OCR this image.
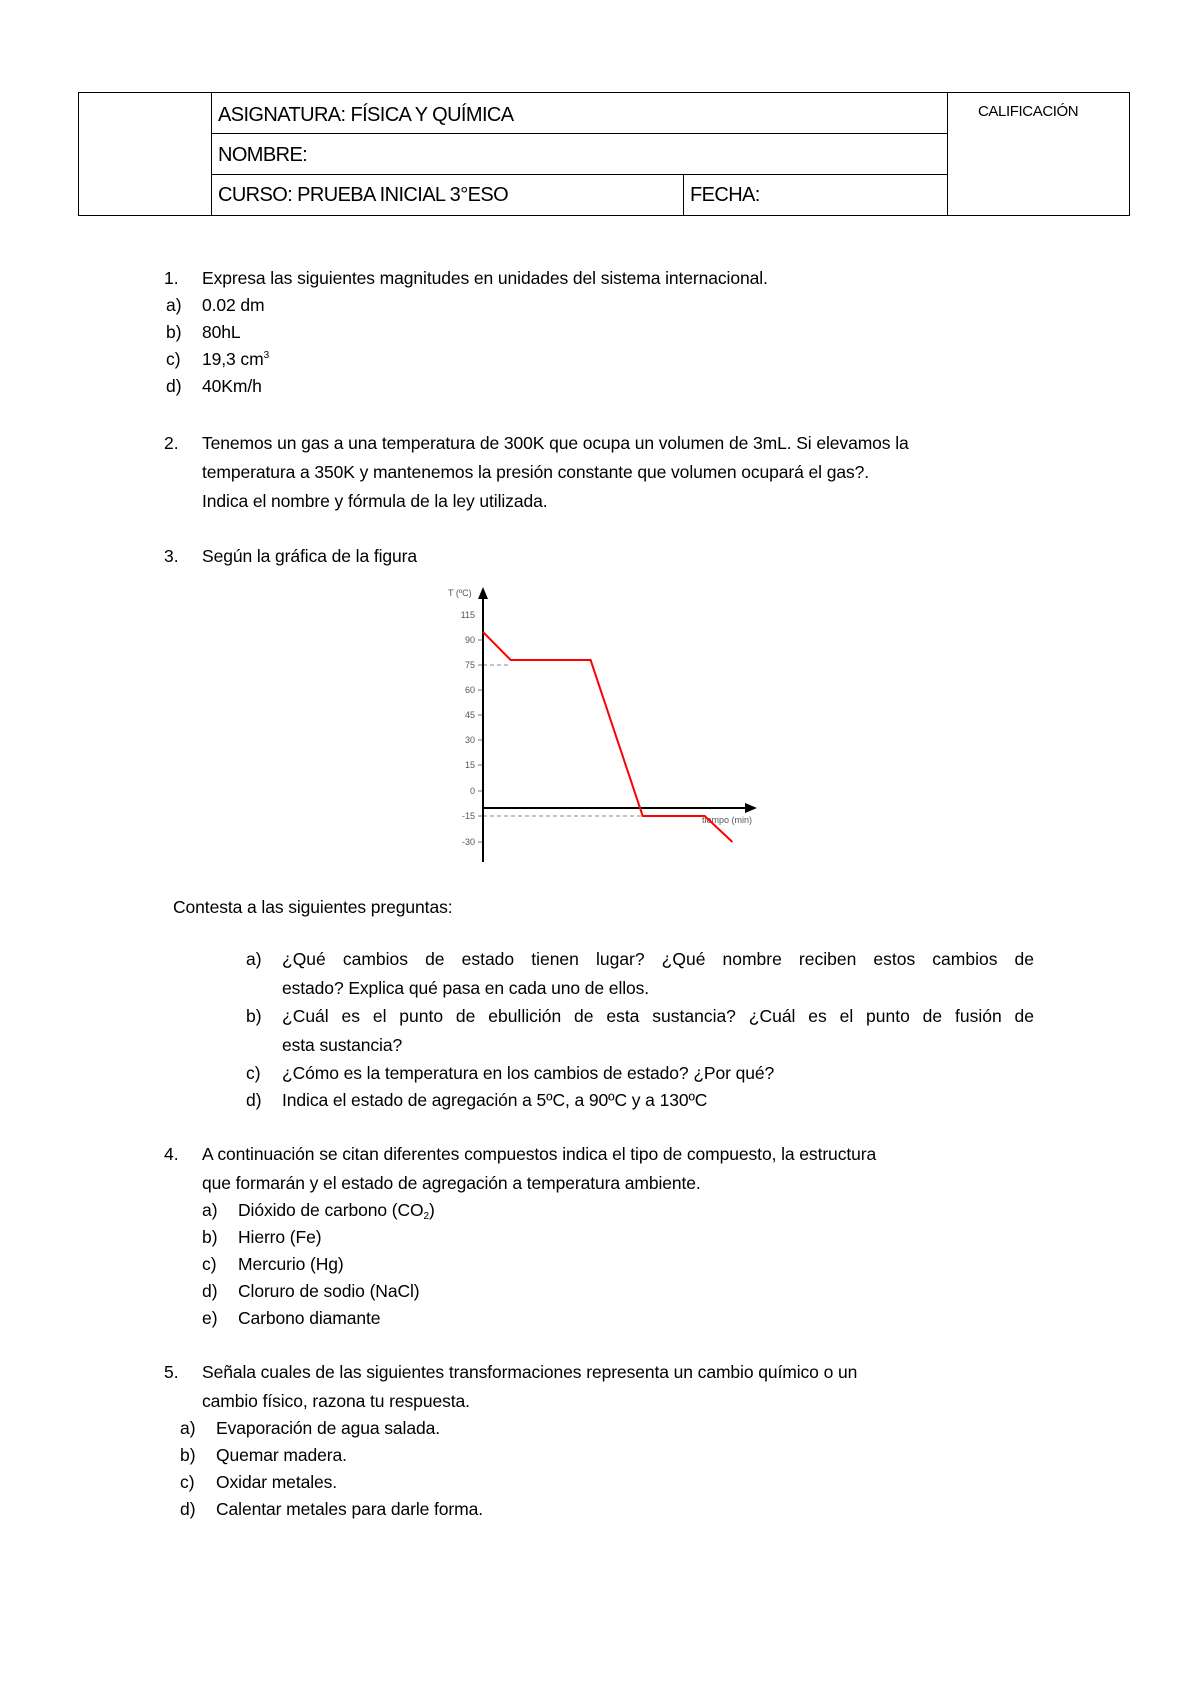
ASIGNATURA: FÍSICA Y QUÍMICA
NOMBRE:
CURSO: PRUEBA INICIAL 3°ESO	FECHA:
CALIFICACIÓN
1. Expresa las siguientes magnitudes en unidades del sistema internacional.
a) 0.02 dm
b) 80hL
c) 19,3 $cm^3$
d) 40Km/h
2. Tenemos un gas a una temperatura de 300K que ocupa un volumen de 3mL. Si elevamos la
temperatura a 350K y mantenemos la presión constante que volumen ocupará el gas?.
Indica el nombre y fórmula de la ley utilizada.
3. Según la gráfica de la figura
T (ºC)
115
90
75
60
45
30
15
0
-15
-30
tiempo (min)
Contesta a las siguientes preguntas:
a) ¿Qué cambios de estado tienen lugar? ¿Qué nombre reciben estos cambios de
estado? Explica qué pasa en cada uno de ellos.
b) ¿Cuál es el punto de ebullición de esta sustancia? ¿Cuál es el punto de fusión de
esta sustancia?
c) ¿Cómo es la temperatura en los cambios de estado? ¿Por qué?
d) Indica el estado de agregación a 5ºC, a 90ºC y a 130ºC
4. A continuación se citan diferentes compuestos indica el tipo de compuesto, la estructura
que formarán y el estado de agregación a temperatura ambiente.
a) Dióxido de carbono $(CO_2)$
b) Hierro (Fe)
c) Mercurio (Hg)
d) Cloruro de sodio (NaCl)
e) Carbono diamante
5. Señala cuales de las siguientes transformaciones representa un cambio químico o un
cambio físico, razona tu respuesta.
a) Evaporación de agua salada.
b) Quemar madera.
c) Oxidar metales.
d) Calentar metales para darle forma.
